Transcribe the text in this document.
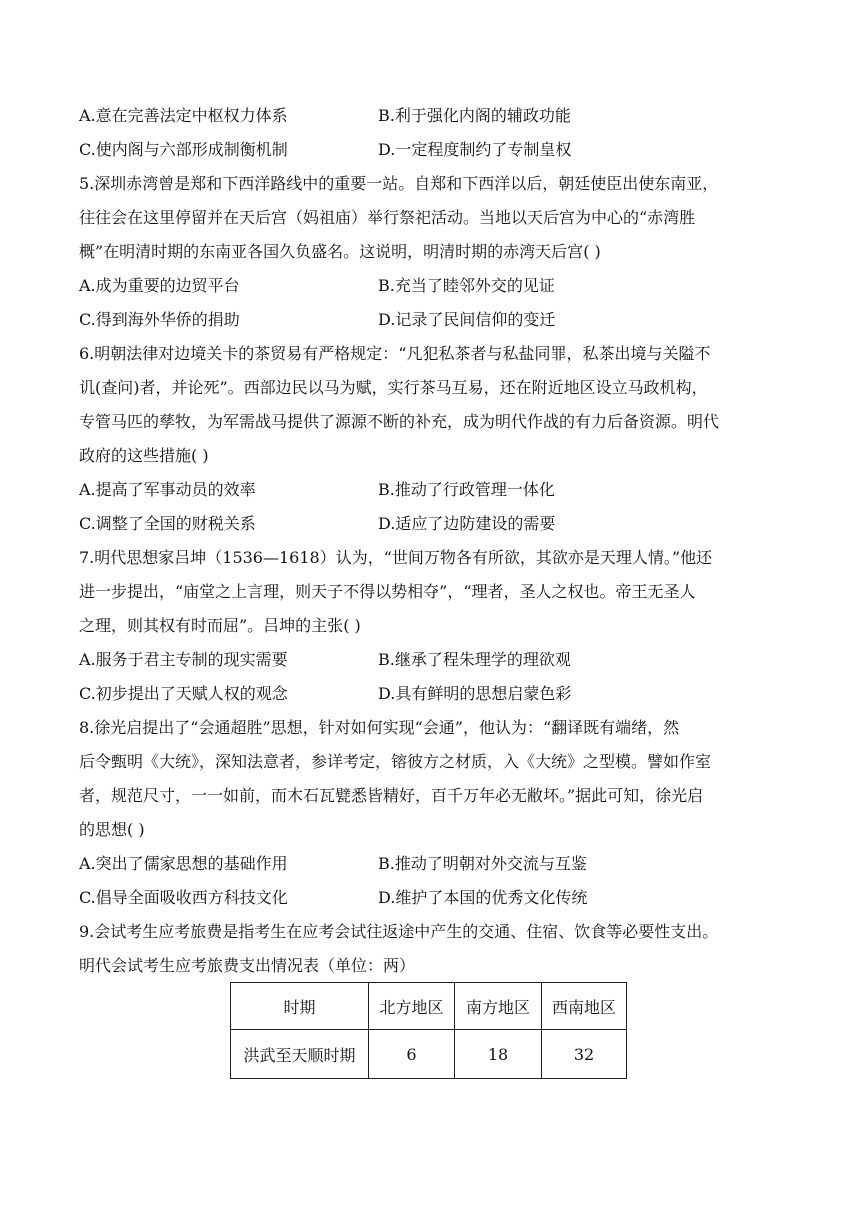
A.意在完善法定中枢权力体系	B.利于强化内阁的辅政功能
C.使内阁与六部形成制衡机制	D.一定程度制约了专制皇权
5.深圳赤湾曾是郑和下西洋路线中的重要一站。自郑和下西洋以后，朝廷使臣出使东南亚，
往往会在这里停留并在天后宫（妈祖庙）举行祭祀活动。当地以天后宫为中心的“赤湾胜
概”在明清时期的东南亚各国久负盛名。这说明，明清时期的赤湾天后宫( )
A.成为重要的边贸平台	B.充当了睦邻外交的见证
C.得到海外华侨的捐助	D.记录了民间信仰的变迁
6.明朝法律对边境关卡的茶贸易有严格规定：“凡犯私茶者与私盐同罪，私茶出境与关隘不
讥(查问)者，并论死”。西部边民以马为赋，实行茶马互易，还在附近地区设立马政机构，
专管马匹的孳牧，为军需战马提供了源源不断的补充，成为明代作战的有力后备资源。明代
政府的这些措施( )
A.提高了军事动员的效率	B.推动了行政管理一体化
C.调整了全国的财税关系	D.适应了边防建设的需要
7.明代思想家吕坤（1536—1618）认为，“世间万物各有所欲，其欲亦是天理人情。”他还
进一步提出，“庙堂之上言理，则天子不得以势相夺”，“理者，圣人之权也。帝王无圣人
之理，则其权有时而屈”。吕坤的主张( )
A.服务于君主专制的现实需要	B.继承了程朱理学的理欲观
C.初步提出了天赋人权的观念	D.具有鲜明的思想启蒙色彩
8.徐光启提出了“会通超胜”思想，针对如何实现“会通”，他认为：“翻译既有端绪，然
后令甄明《大统》，深知法意者，参详考定，镕彼方之材质，入《大统》之型模。譬如作室
者，规范尺寸，一一如前，而木石瓦甓悉皆精好，百千万年必无敝坏。”据此可知，徐光启
的思想( )
A.突出了儒家思想的基础作用	B.推动了明朝对外交流与互鉴
C.倡导全面吸收西方科技文化	D.维护了本国的优秀文化传统
9.会试考生应考旅费是指考生在应考会试往返途中产生的交通、住宿、饮食等必要性支出。
明代会试考生应考旅费支出情况表（单位：两）
时期	北方地区	南方地区	西南地区
洪武至天顺时期	6	18	32
